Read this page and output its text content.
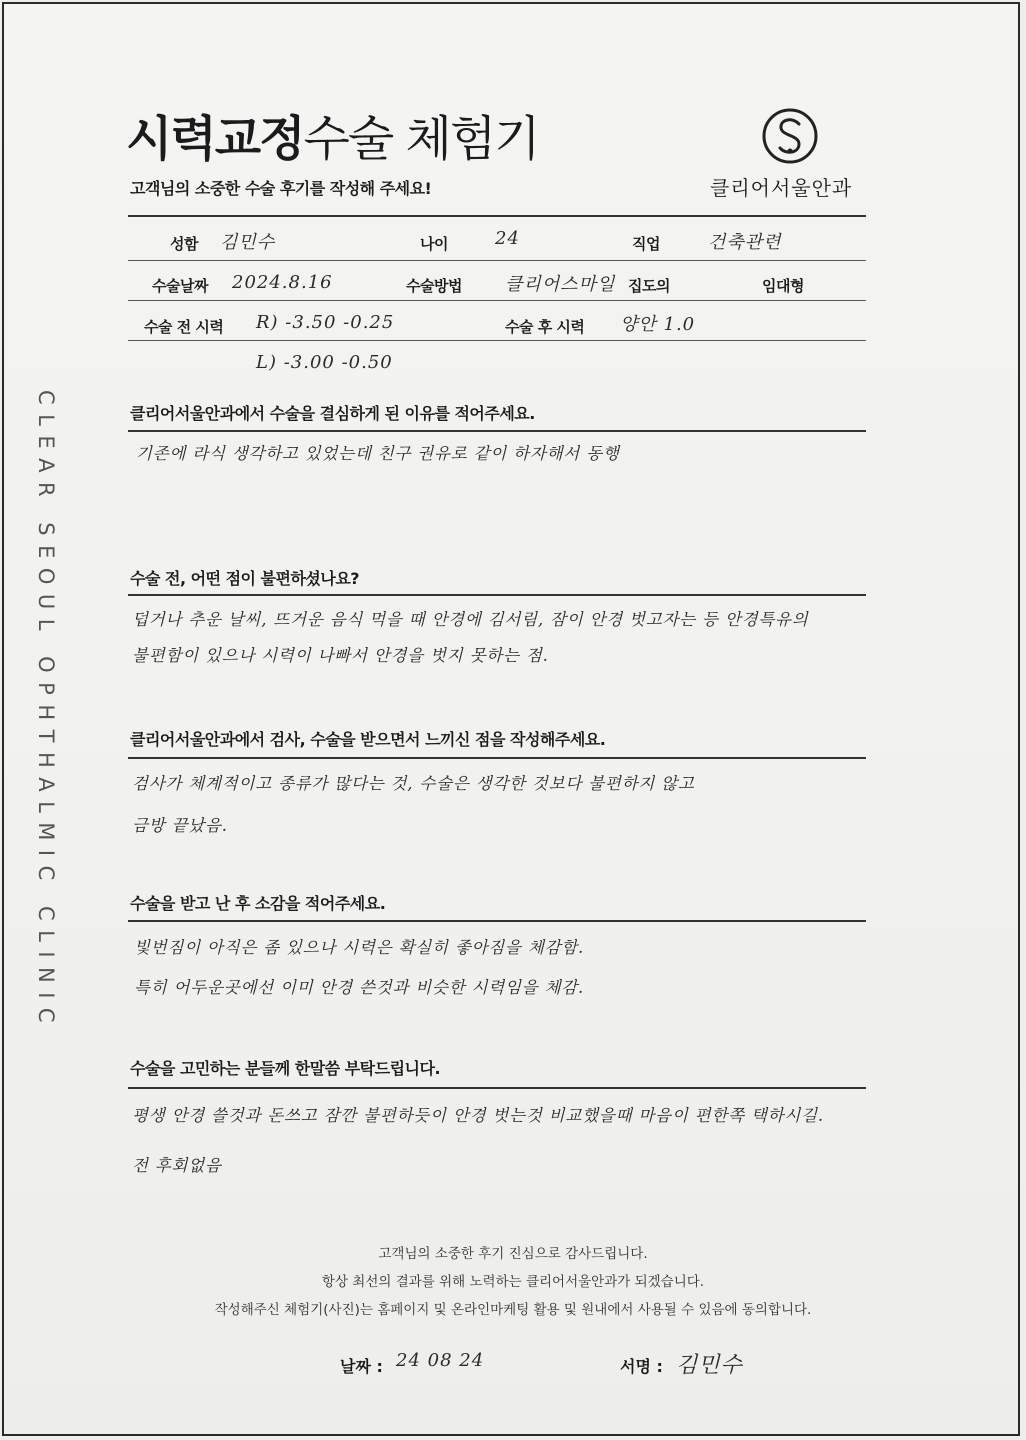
시력교정수술 체험기
고객님의 소중한 수술 후기를 작성해 주세요!	클리어서울안과
성함 김민수	나이	24	직업	건축관련
수술날짜 2024.8.16	수술방법 클리어스마일 집도의	임대형
수술 전 시력 R) -3.50 -0.25	수술 후 시력 양안 1.0
L) -3.00 -0.50
클리어서울안과에서 수술을 결심하게 된 이유를 적어주세요.
기존에 라식 생각하고 있었는데 친구 권유로 같이 하자해서 동행
수술 전, 어떤 점이 불편하셨나요?
덥거나 추운 날씨, 뜨거운 음식 먹을 때 안경에 김서림, 잠이 안경 벗고자는 등 안경특유의
불편함이 있으나 시력이 나빠서 안경을 벗지 못하는 점.
클리어서울안과에서 검사, 수술을 받으면서 느끼신 점을 작성해주세요.
검사가 체계적이고 종류가 많다는 것, 수술은 생각한 것보다 불편하지 않고
금방 끝났음.
수술을 받고 난 후 소감을 적어주세요.
빛번짐이 아직은 좀 있으나 시력은 확실히 좋아짐을 체감함.
특히 어두운곳에선 이미 안경 쓴것과 비슷한 시력임을 체감.
수술을 고민하는 분들께 한말씀 부탁드립니다.
평생 안경 쓸것과 돈쓰고 잠깐 불편하듯이 안경 벗는것 비교했을때 마음이 편한쪽 택하시길.
전 후회없음
CLEAR SEOUL OPHTHALMIC CLINIC
고객님의 소중한 후기 진심으로 감사드립니다.
항상 최선의 결과를 위해 노력하는 클리어서울안과가 되겠습니다.
작성해주신 체험기(사진)는 홈페이지 및 온라인마케팅 활용 및 원내에서 사용될 수 있음에 동의합니다.
날짜 : 24 08 24	서명 : 김민수
